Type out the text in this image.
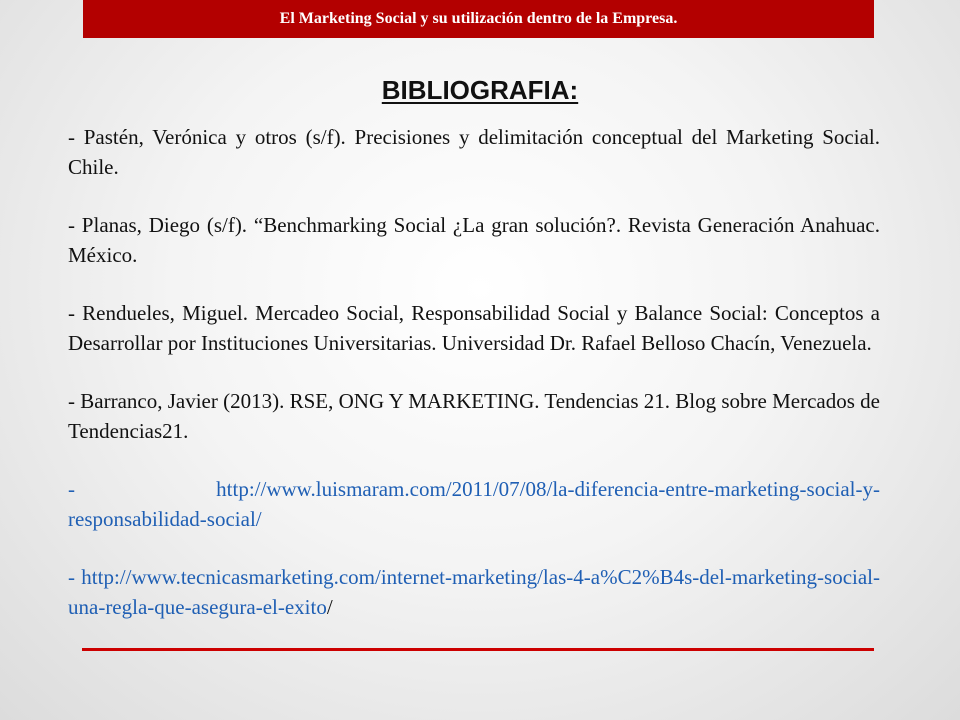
El Marketing Social y su utilización dentro de la Empresa.
BIBLIOGRAFIA:

- Pastén, Verónica y otros (s/f). Precisiones y delimitación conceptual del Marketing Social. Chile.

- Planas, Diego (s/f). “Benchmarking Social ¿La gran solución?. Revista Generación Anahuac. México.

- Rendueles, Miguel. Mercadeo Social, Responsabilidad Social y Balance Social: Conceptos a Desarrollar por Instituciones Universitarias. Universidad Dr. Rafael Belloso Chacín, Venezuela.

- Barranco, Javier (2013). RSE, ONG Y MARKETING. Tendencias 21. Blog sobre Mercados de Tendencias21.

- http://www.luismaram.com/2011/07/08/la-diferencia-entre-marketing-social-y-responsabilidad-social/

- http://www.tecnicasmarketing.com/internet-marketing/las-4-a%C2%B4s-del-marketing-social-una-regla-que-asegura-el-exito/
